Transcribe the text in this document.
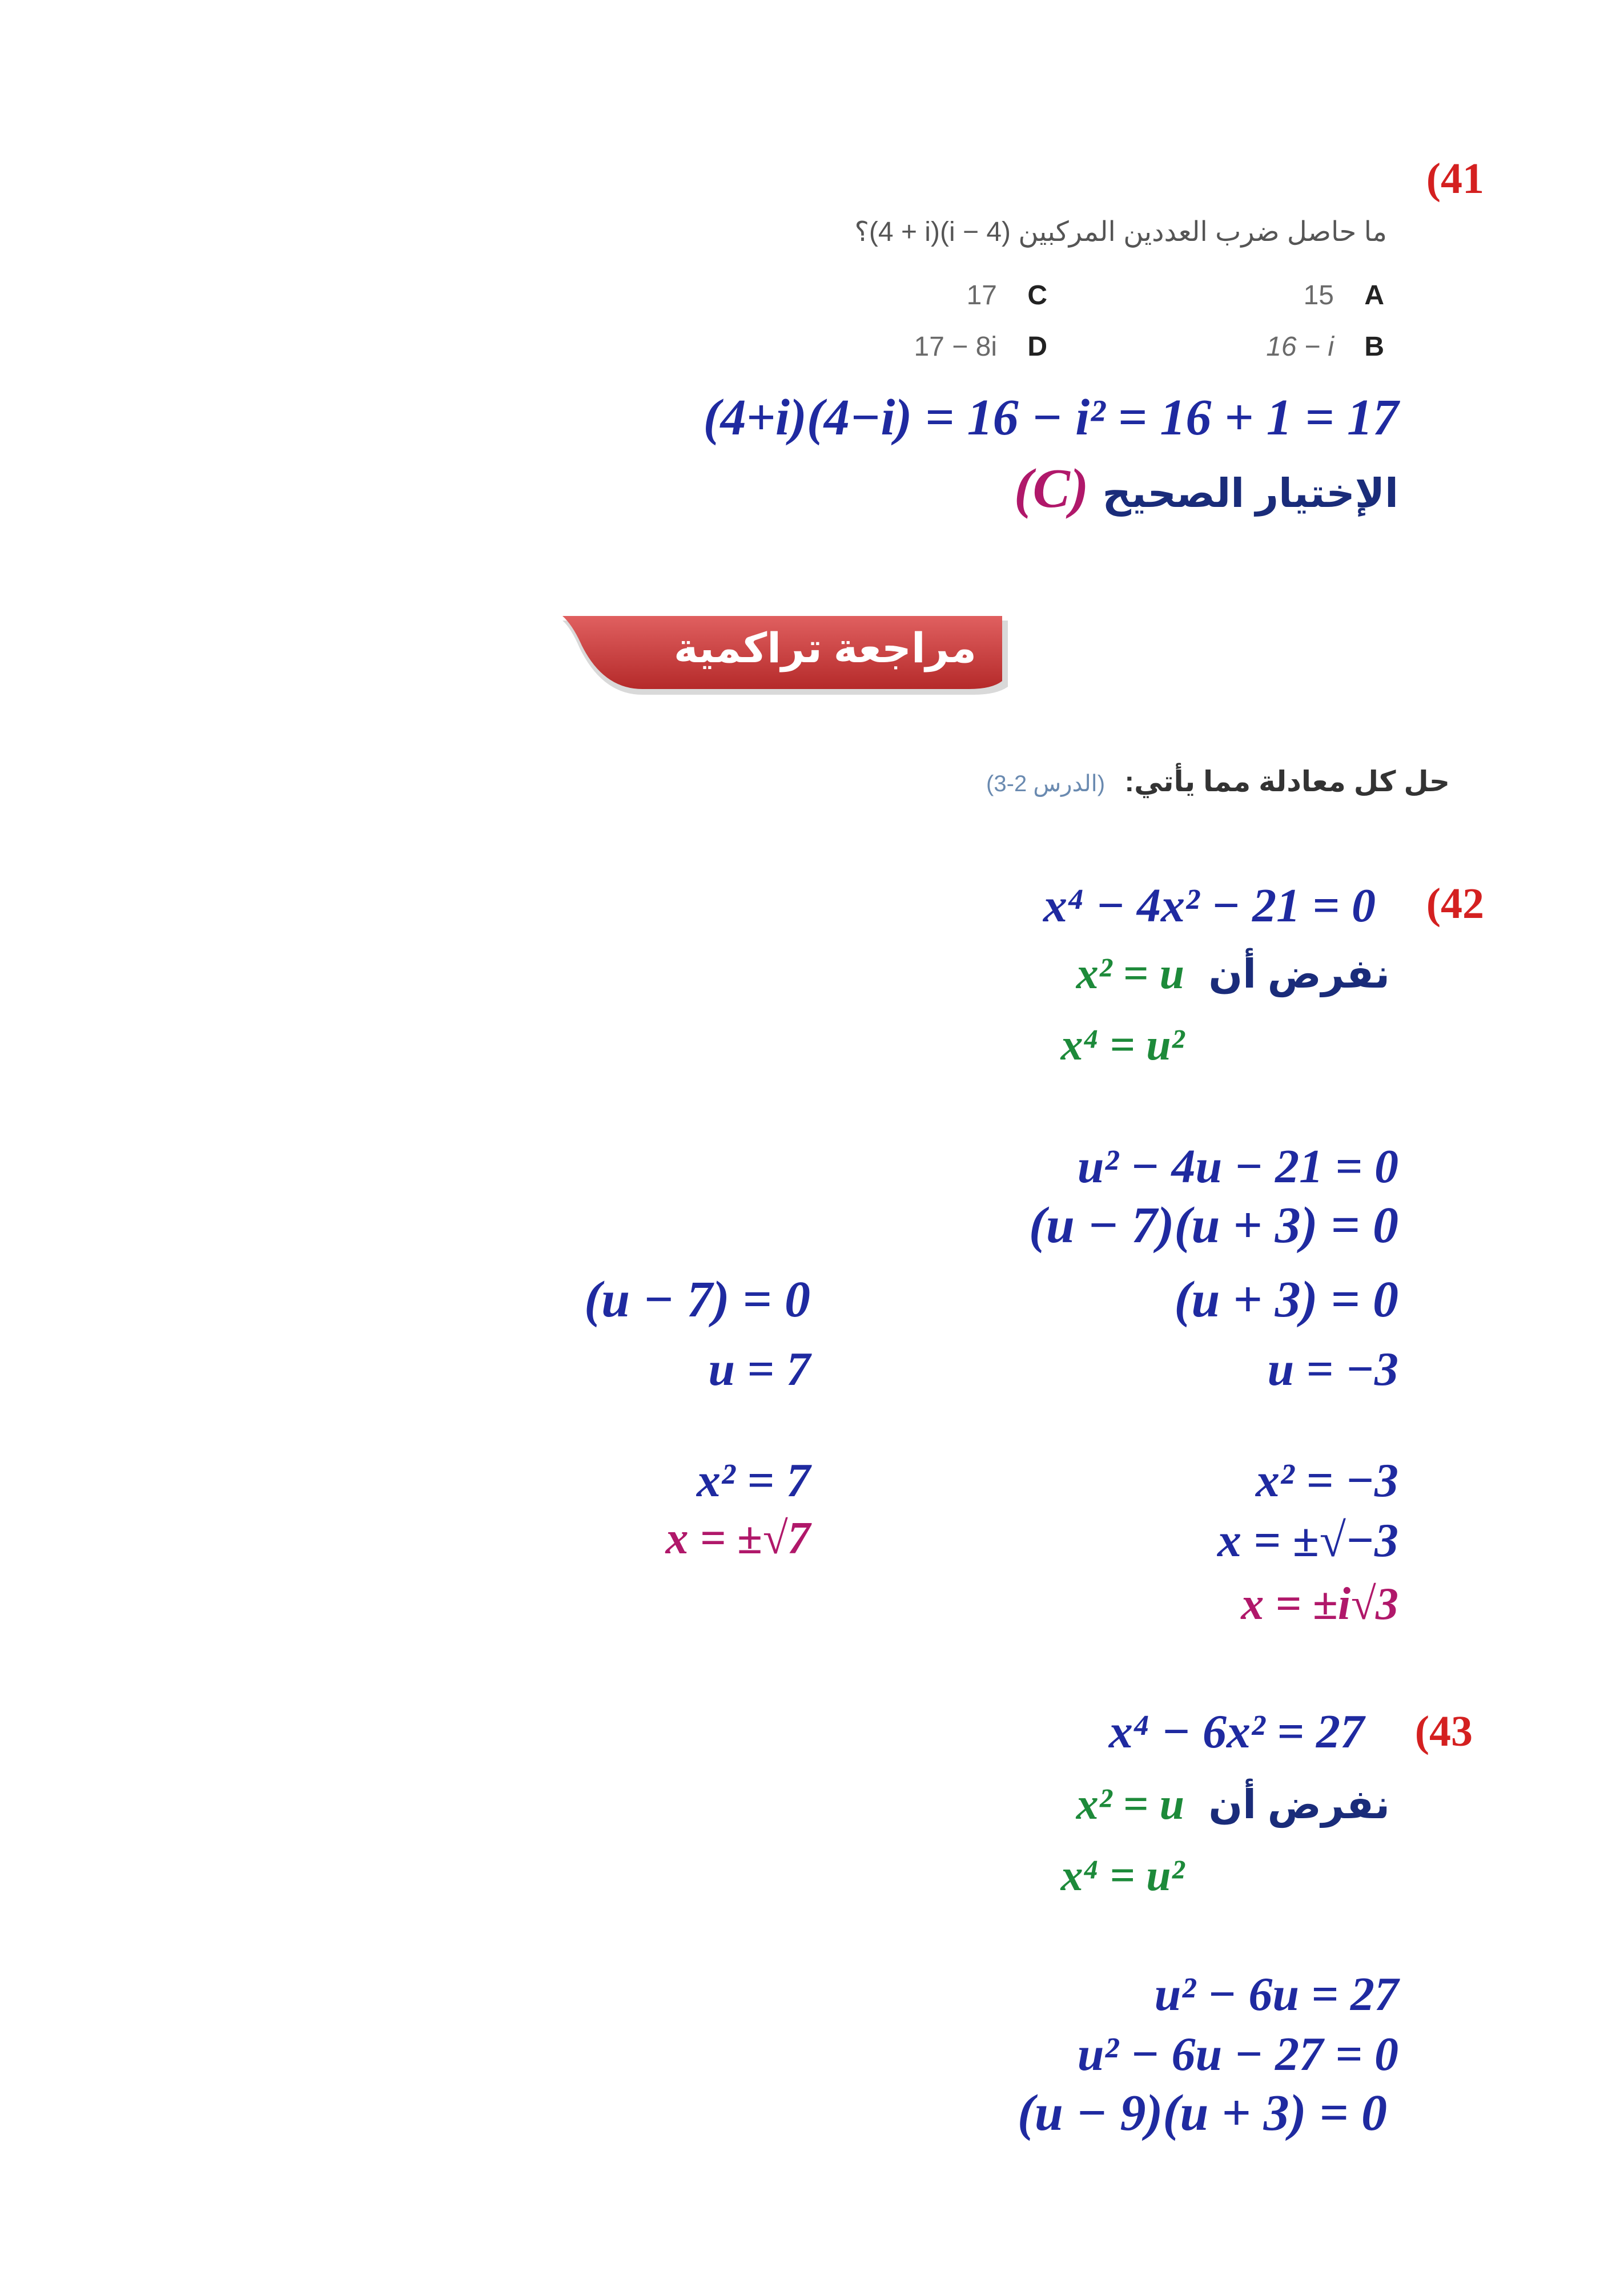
(41
ما حاصل ضرب العددين المركبين (4 − i)(4 + i)؟
15 A
17 C
16 − i B
17 − 8i D
(4+i)(4−i) = 16 − i² = 16 + 1 = 17
(C) الإختيار الصحيح
مراجعة تراكمية
حل كل معادلة مما يأتي: (الدرس 2-3)
(42
x⁴ − 4x² − 21 = 0
نفرض أن
x² = u
x⁴ = u²
u² − 4u − 21 = 0
(u − 7)(u + 3) = 0
(u + 3) = 0
u = −3
x² = −3
x = ±√−3
x = ±i√3
(u − 7) = 0
u = 7
x² = 7
x = ±√7
(43
x⁴ − 6x² = 27
نفرض أن
x² = u
x⁴ = u²
u² − 6u = 27
u² − 6u − 27 = 0
(u − 9)(u + 3) = 0
